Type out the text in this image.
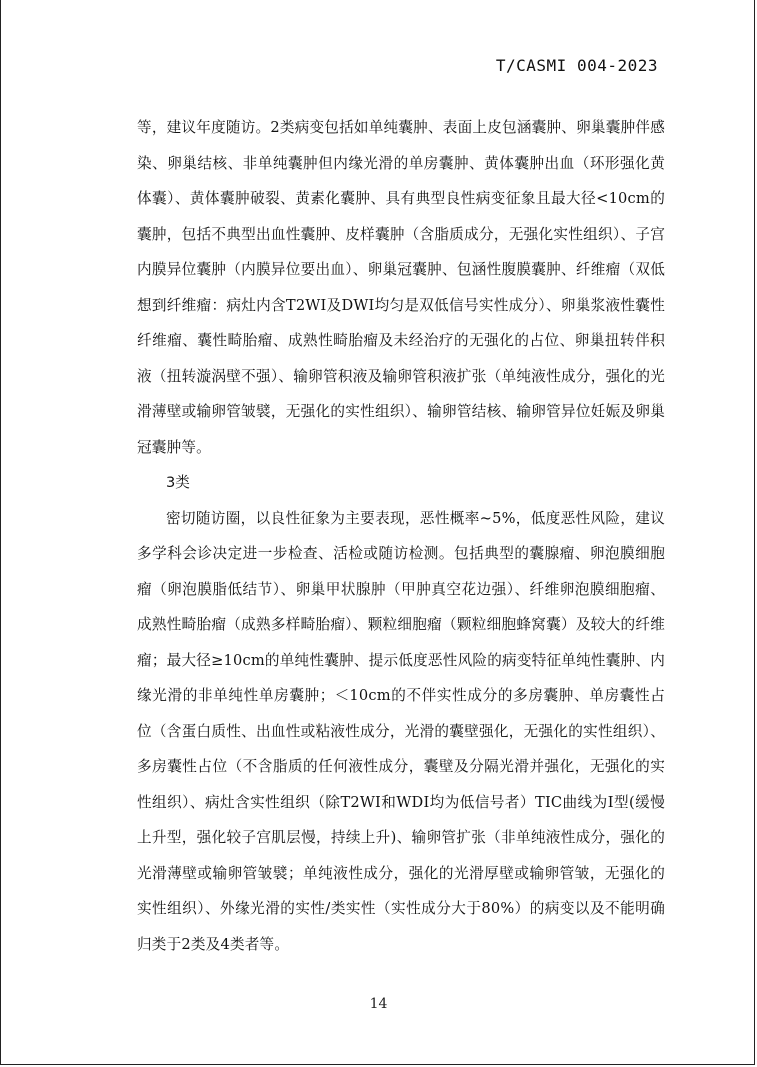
T/CASMI 004-2023

等，建议年度随访。2类病变包括如单纯囊肿、表面上皮包涵囊肿、卵巢囊肿伴感染、卵巢结核、非单纯囊肿但内缘光滑的单房囊肿、黄体囊肿出血（环形强化黄体囊）、黄体囊肿破裂、黄素化囊肿、具有典型良性病变征象且最大径<10cm的囊肿，包括不典型出血性囊肿、皮样囊肿（含脂质成分，无强化实性组织）、子宫内膜异位囊肿（内膜异位要出血）、卵巢冠囊肿、包涵性腹膜囊肿、纤维瘤（双低想到纤维瘤：病灶内含T2WI及DWI均匀是双低信号实性成分）、卵巢浆液性囊性纤维瘤、囊性畸胎瘤、成熟性畸胎瘤及未经治疗的无强化的占位、卵巢扭转伴积液（扭转漩涡壁不强）、输卵管积液及输卵管积液扩张（单纯液性成分，强化的光滑薄壁或输卵管皱襞，无强化的实性组织）、输卵管结核、输卵管异位妊娠及卵巢冠囊肿等。

3类

密切随访圈，以良性征象为主要表现，恶性概率~5%，低度恶性风险，建议多学科会诊决定进一步检查、活检或随访检测。包括典型的囊腺瘤、卵泡膜细胞瘤（卵泡膜脂低结节）、卵巢甲状腺肿（甲肿真空花边强）、纤维卵泡膜细胞瘤、成熟性畸胎瘤（成熟多样畸胎瘤）、颗粒细胞瘤（颗粒细胞蜂窝囊）及较大的纤维瘤；最大径≥10cm的单纯性囊肿、提示低度恶性风险的病变特征单纯性囊肿、内缘光滑的非单纯性单房囊肿；＜10cm的不伴实性成分的多房囊肿、单房囊性占位（含蛋白质性、出血性或粘液性成分，光滑的囊壁强化，无强化的实性组织）、多房囊性占位（不含脂质的任何液性成分，囊壁及分隔光滑并强化，无强化的实性组织）、病灶含实性组织（除T2WI和WDI均为低信号者）TIC曲线为Ⅰ型(缓慢上升型，强化较子宫肌层慢，持续上升)、输卵管扩张（非单纯液性成分，强化的光滑薄壁或输卵管皱襞；单纯液性成分，强化的光滑厚壁或输卵管皱，无强化的实性组织）、外缘光滑的实性/类实性（实性成分大于80%）的病变以及不能明确归类于2类及4类者等。

14
